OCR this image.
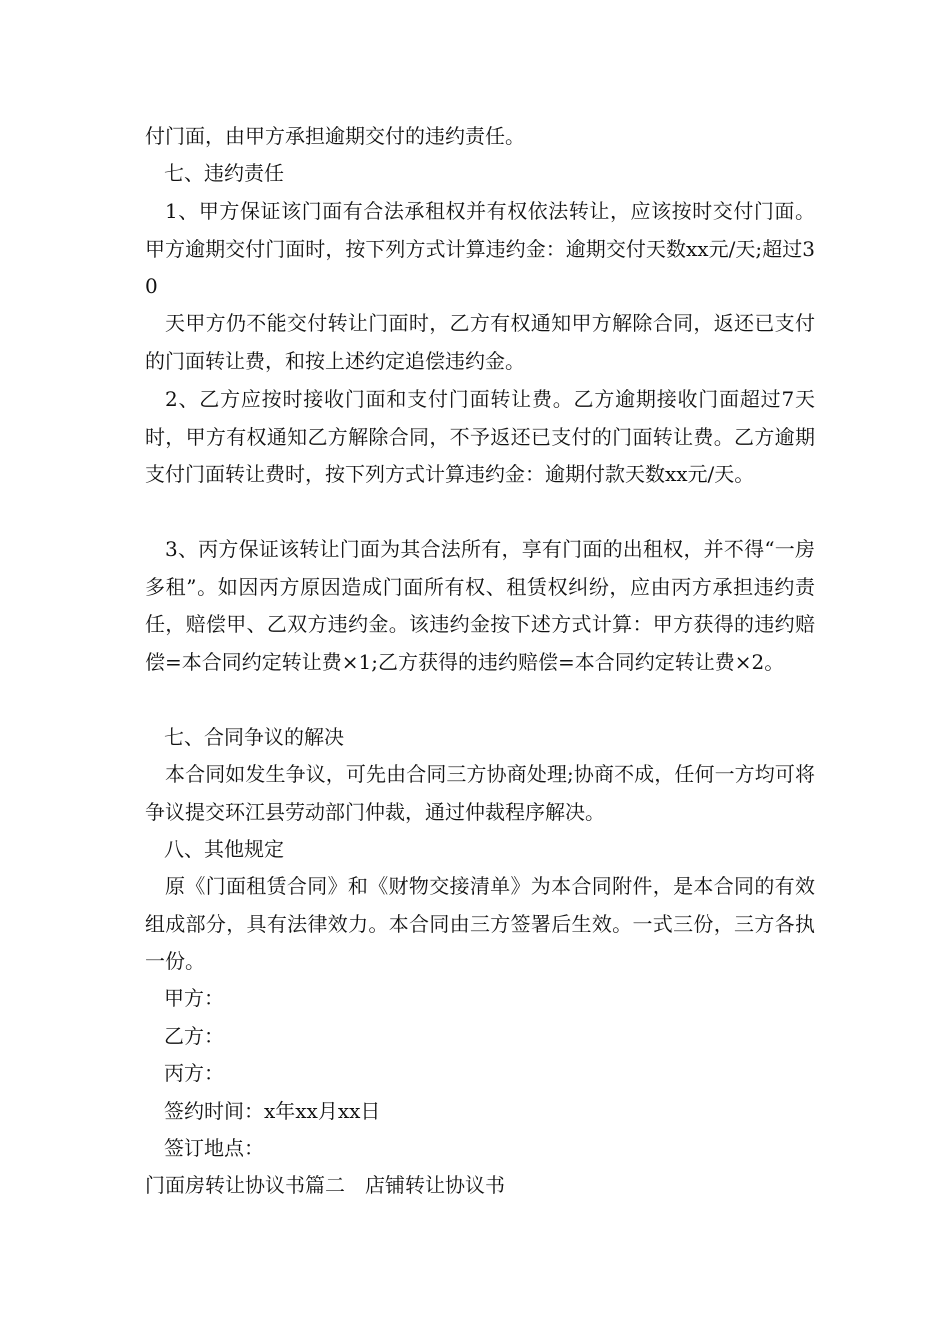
付门面，由甲方承担逾期交付的违约责任。

七、违约责任

1、甲方保证该门面有合法承租权并有权依法转让，应该按时交付门面。甲方逾期交付门面时，按下列方式计算违约金：逾期交付天数xx元/天;超过30

天甲方仍不能交付转让门面时，乙方有权通知甲方解除合同，返还已支付的门面转让费，和按上述约定追偿违约金。

2、乙方应按时接收门面和支付门面转让费。乙方逾期接收门面超过7天时，甲方有权通知乙方解除合同，不予返还已支付的门面转让费。乙方逾期支付门面转让费时，按下列方式计算违约金：逾期付款天数xx元/天。

3、丙方保证该转让门面为其合法所有，享有门面的出租权，并不得“一房多租”。如因丙方原因造成门面所有权、租赁权纠纷，应由丙方承担违约责任，赔偿甲、乙双方违约金。该违约金按下述方式计算：甲方获得的违约赔偿=本合同约定转让费×1;乙方获得的违约赔偿=本合同约定转让费×2。

七、合同争议的解决

本合同如发生争议，可先由合同三方协商处理;协商不成，任何一方均可将争议提交环江县劳动部门仲裁，通过仲裁程序解决。

八、其他规定

原《门面租赁合同》和《财物交接清单》为本合同附件，是本合同的有效组成部分，具有法律效力。本合同由三方签署后生效。一式三份，三方各执一份。

甲方：

乙方：

丙方：

签约时间：x年xx月xx日

签订地点：

门面房转让协议书篇二　店铺转让协议书
